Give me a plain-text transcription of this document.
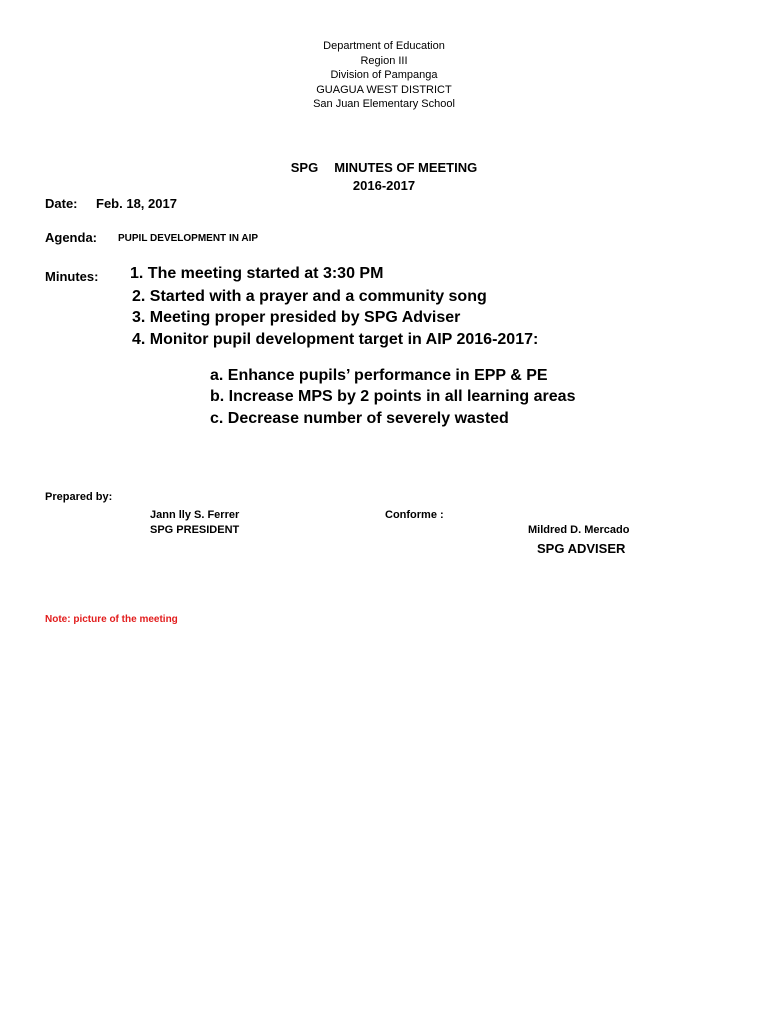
Department of Education
Region III
Division of Pampanga
GUAGUA WEST DISTRICT
San Juan Elementary School
SPG MINUTES OF MEETING
2016-2017
Date: Feb. 18, 2017
Agenda: PUPIL DEVELOPMENT IN AIP
Minutes: 1. The meeting started at 3:30 PM
2. Started with a prayer and a community song
3. Meeting proper presided by SPG Adviser
4. Monitor pupil development target in AIP 2016-2017:
a. Enhance pupils’ performance in EPP & PE
b. Increase MPS by 2 points in all learning areas
c. Decrease number of severely wasted
Prepared by:
Jann lly S. Ferrer
SPG PRESIDENT
Conforme :
Mildred D. Mercado
SPG ADVISER
Note: picture of the meeting
